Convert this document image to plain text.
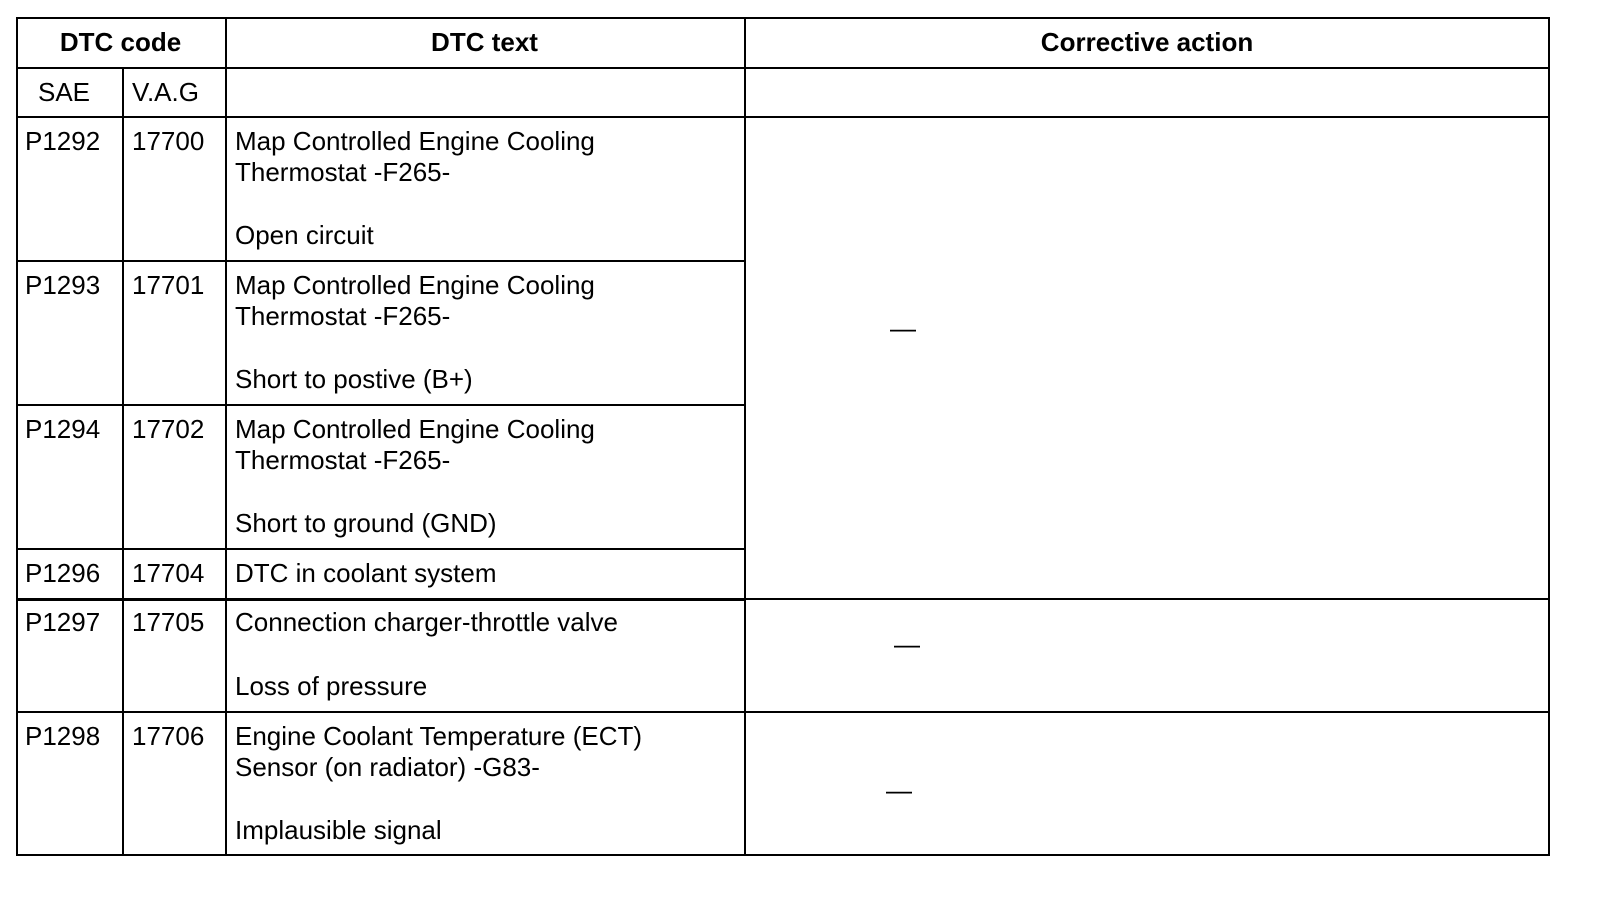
DTC code	DTC text	Corrective action
SAE V.A.G
P1292 17700 Map Controlled Engine Cooling
Thermostat -F265-
Open circuit
P1293 17701 Map Controlled Engine Cooling
Thermostat -F265-
Short to postive (B+)
P1294 17702 Map Controlled Engine Cooling
Thermostat -F265-
Short to ground (GND)
P1296 17704 DTC in coolant system
P1297 17705 Connection charger-throttle valve
Loss of pressure
P1298 17706 Engine Coolant Temperature (ECT)
Sensor (on radiator) -G83-
Implausible signal
—
—
—
